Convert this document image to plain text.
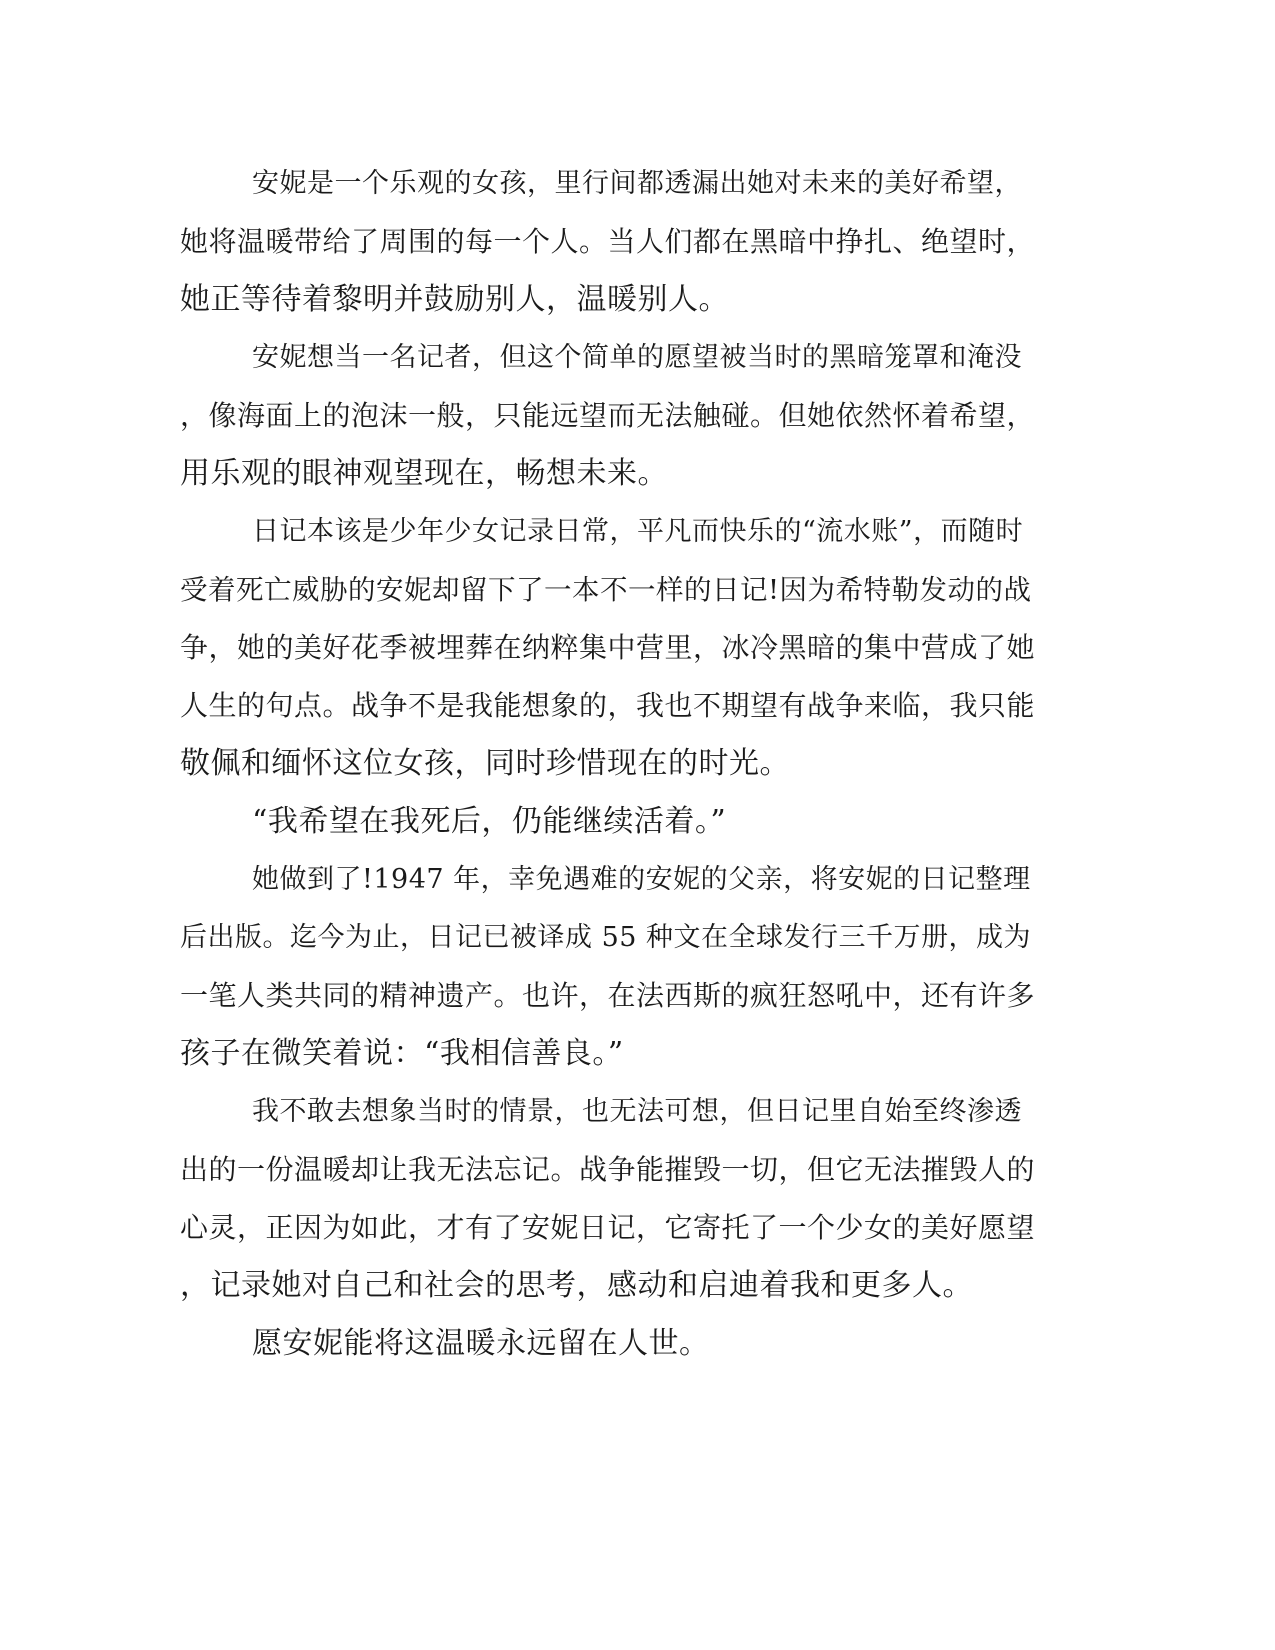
安妮是一个乐观的女孩，里行间都透漏出她对未来的美好希望，
她将温暖带给了周围的每一个人。当人们都在黑暗中挣扎、绝望时，
她正等待着黎明并鼓励别人，温暖别人。
安妮想当一名记者，但这个简单的愿望被当时的黑暗笼罩和淹没
，像海面上的泡沫一般，只能远望而无法触碰。但她依然怀着希望，
用乐观的眼神观望现在，畅想未来。
日记本该是少年少女记录日常，平凡而快乐的“流水账”，而随时
受着死亡威胁的安妮却留下了一本不一样的日记!因为希特勒发动的战
争，她的美好花季被埋葬在纳粹集中营里，冰冷黑暗的集中营成了她
人生的句点。战争不是我能想象的，我也不期望有战争来临，我只能
敬佩和缅怀这位女孩，同时珍惜现在的时光。
“我希望在我死后，仍能继续活着。”
她做到了!1947 年，幸免遇难的安妮的父亲，将安妮的日记整理
后出版。迄今为止，日记已被译成 55 种文在全球发行三千万册，成为
一笔人类共同的精神遗产。也许，在法西斯的疯狂怒吼中，还有许多
孩子在微笑着说：“我相信善良。”
我不敢去想象当时的情景，也无法可想，但日记里自始至终渗透
出的一份温暖却让我无法忘记。战争能摧毁一切，但它无法摧毁人的
心灵，正因为如此，才有了安妮日记，它寄托了一个少女的美好愿望
，记录她对自己和社会的思考，感动和启迪着我和更多人。
愿安妮能将这温暖永远留在人世。
